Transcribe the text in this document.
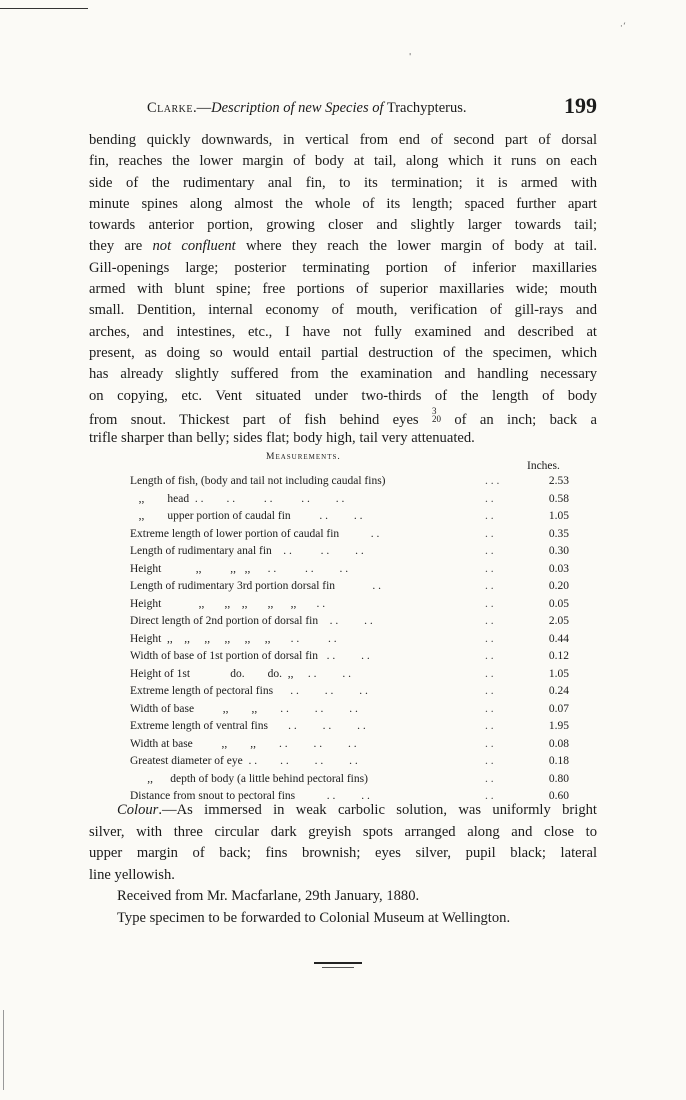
·ʻ
'
Clarke.—Description of new Species of Trachypterus.	199
bending quickly downwards, in vertical from end of second part of dorsal
fin, reaches the lower margin of body at tail, along which it runs on each
side of the rudimentary anal fin, to its termination; it is armed with
minute spines along almost the whole of its length; spaced further apart
towards anterior portion, growing closer and slightly larger towards tail;
they are not confluent where they reach the lower margin of body at tail.
Gill-openings large; posterior terminating portion of inferior maxillaries
armed with blunt spine; free portions of superior maxillaries wide; mouth
small. Dentition, internal economy of mouth, verification of gill-rays and
arches, and intestines, etc., I have not fully examined and described at
present, as doing so would entail partial destruction of the specimen, which
has already slightly suffered from the examination and handling necessary
on copying, etc. Vent situated under two-thirds of the length of body
from snout. Thickest part of fish behind eyes 3
20 of an inch; back a
trifle sharper than belly; sides flat; body high, tail very attenuated.
Measurements.
Inches.
Length of fish, (body and tail not including caudal fins)	. . .	2.53
,,        head  . .        . .          . .          . .         . .	. .	0.58
,,        upper portion of caudal fin          . .         . .	. .	1.05
Extreme length of lower portion of caudal fin           . .	. .	0.35
Length of rudimentary anal fin    . .          . .         . .	. .	0.30
Height            ,,          ,,   ,,      . .          . .         . .	. .	0.03
Length of rudimentary 3rd portion dorsal fin             . .	. .	0.20
Height             ,,       ,,    ,,       ,,      ,,       . .	. .	0.05
Direct length of 2nd portion of dorsal fin    . .         . .	. .	2.05
Height  ,,    ,,     ,,     ,,     ,,     ,,       . .          . .	. .	0.44
Width of base of 1st portion of dorsal fin   . .         . .	. .	0.12
Height of 1st              do.        do.  ,,     . .         . .	. .	1.05
Extreme length of pectoral fins      . .         . .         . .	. .	0.24
Width of base          ,,        ,,        . .         . .         . .	. .	0.07
Extreme length of ventral fins       . .         . .         . .	. .	1.95
Width at base          ,,        ,,        . .         . .         . .	. .	0.08
Greatest diameter of eye  . .        . .         . .         . .	. .	0.18
,,      depth of body (a little behind pectoral fins)	. .	0.80
Distance from snout to pectoral fins           . .         . .	. .	0.60
Colour.—As immersed in weak carbolic solution, was uniformly bright
silver, with three circular dark greyish spots arranged along and close to
upper margin of back; fins brownish; eyes silver, pupil black; lateral
line yellowish.
Received from Mr. Macfarlane, 29th January, 1880.
Type specimen to be forwarded to Colonial Museum at Wellington.
